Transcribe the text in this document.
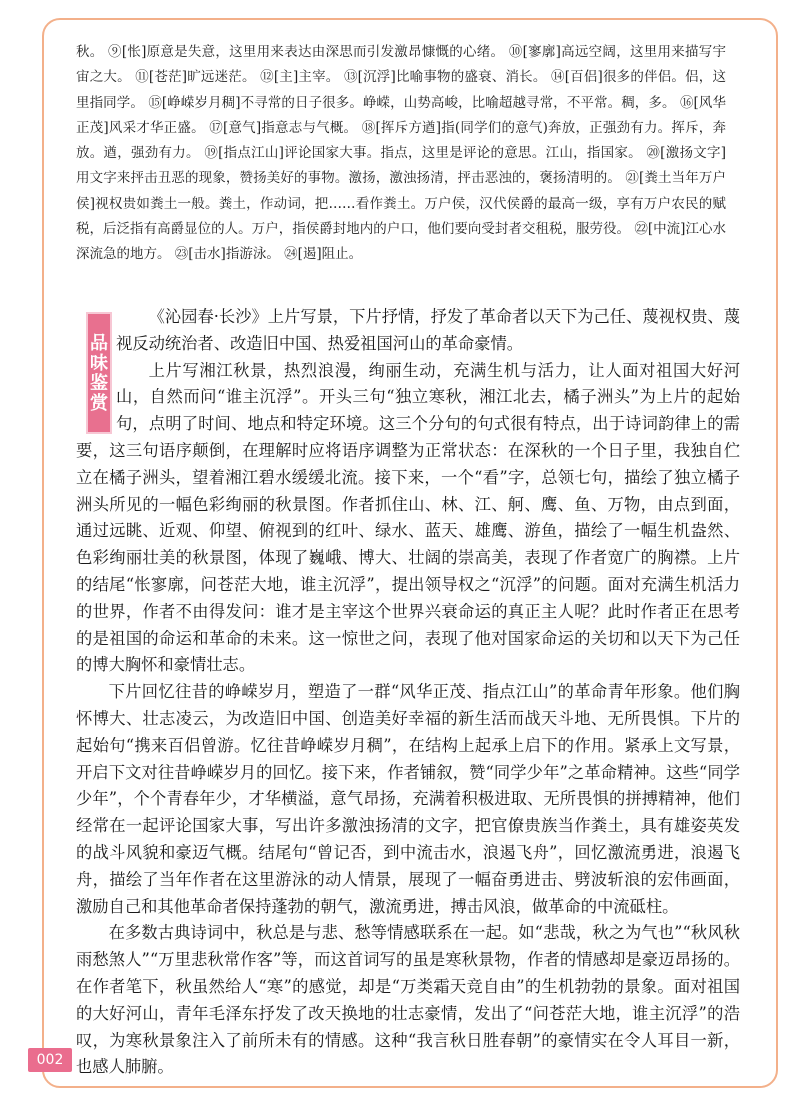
秋。 ⑨[怅]原意是失意，这里用来表达由深思而引发激昂慷慨的心绪。 ⑩[寥廓]高远空阔，这里用来描写宇宙之大。 ⑪[苍茫]旷远迷茫。 ⑫[主]主宰。 ⑬[沉浮]比喻事物的盛衰、消长。 ⑭[百侣]很多的伴侣。侣，这里指同学。 ⑮[峥嵘岁月稠]不寻常的日子很多。峥嵘，山势高峻，比喻超越寻常，不平常。稠，多。 ⑯[风华正茂]风采才华正盛。 ⑰[意气]指意志与气概。 ⑱[挥斥方遒]指(同学们的意气)奔放，正强劲有力。挥斥，奔放。遒，强劲有力。 ⑲[指点江山]评论国家大事。指点，这里是评论的意思。江山，指国家。 ⑳[激扬文字]用文字来抨击丑恶的现象，赞扬美好的事物。激扬，激浊扬清，抨击恶浊的，褒扬清明的。 ㉑[粪土当年万户侯]视权贵如粪土一般。粪土，作动词，把……看作粪土。万户侯，汉代侯爵的最高一级，享有万户农民的赋税，后泛指有高爵显位的人。万户，指侯爵封地内的户口，他们要向受封者交租税，服劳役。 ㉒[中流]江心水深流急的地方。 ㉓[击水]指游泳。 ㉔[遏]阻止。

品味鉴赏

《沁园春·长沙》上片写景，下片抒情，抒发了革命者以天下为己任、蔑视权贵、蔑视反动统治者、改造旧中国、热爱祖国河山的革命豪情。

上片写湘江秋景，热烈浪漫，绚丽生动，充满生机与活力，让人面对祖国大好河山，自然而问“谁主沉浮”。开头三句“独立寒秋，湘江北去，橘子洲头”为上片的起始句，点明了时间、地点和特定环境。这三个分句的句式很有特点，出于诗词韵律上的需要，这三句语序颠倒，在理解时应将语序调整为正常状态：在深秋的一个日子里，我独自伫立在橘子洲头，望着湘江碧水缓缓北流。接下来，一个“看”字，总领七句，描绘了独立橘子洲头所见的一幅色彩绚丽的秋景图。作者抓住山、林、江、舸、鹰、鱼、万物，由点到面，通过远眺、近观、仰望、俯视到的红叶、绿水、蓝天、雄鹰、游鱼，描绘了一幅生机盎然、色彩绚丽壮美的秋景图，体现了巍峨、博大、壮阔的崇高美，表现了作者宽广的胸襟。上片的结尾“怅寥廓，问苍茫大地，谁主沉浮”，提出领导权之“沉浮”的问题。面对充满生机活力的世界，作者不由得发问：谁才是主宰这个世界兴衰命运的真正主人呢？此时作者正在思考的是祖国的命运和革命的未来。这一惊世之问，表现了他对国家命运的关切和以天下为己任的博大胸怀和豪情壮志。

下片回忆往昔的峥嵘岁月，塑造了一群“风华正茂、指点江山”的革命青年形象。他们胸怀博大、壮志凌云，为改造旧中国、创造美好幸福的新生活而战天斗地、无所畏惧。下片的起始句“携来百侣曾游。忆往昔峥嵘岁月稠”，在结构上起承上启下的作用。紧承上文写景，开启下文对往昔峥嵘岁月的回忆。接下来，作者铺叙，赞“同学少年”之革命精神。这些“同学少年”，个个青春年少，才华横溢，意气昂扬，充满着积极进取、无所畏惧的拼搏精神，他们经常在一起评论国家大事，写出许多激浊扬清的文字，把官僚贵族当作粪土，具有雄姿英发的战斗风貌和豪迈气概。结尾句“曾记否，到中流击水，浪遏飞舟”，回忆激流勇进，浪遏飞舟，描绘了当年作者在这里游泳的动人情景，展现了一幅奋勇进击、劈波斩浪的宏伟画面，激励自己和其他革命者保持蓬勃的朝气，激流勇进，搏击风浪，做革命的中流砥柱。

在多数古典诗词中，秋总是与悲、愁等情感联系在一起。如“悲哉，秋之为气也”“秋风秋雨愁煞人”“万里悲秋常作客”等，而这首词写的虽是寒秋景物，作者的情感却是豪迈昂扬的。在作者笔下，秋虽然给人“寒”的感觉，却是“万类霜天竞自由”的生机勃勃的景象。面对祖国的大好河山，青年毛泽东抒发了改天换地的壮志豪情，发出了“问苍茫大地，谁主沉浮”的浩叹，为寒秋景象注入了前所未有的情感。这种“我言秋日胜春朝”的豪情实在令人耳目一新，也感人肺腑。

002
